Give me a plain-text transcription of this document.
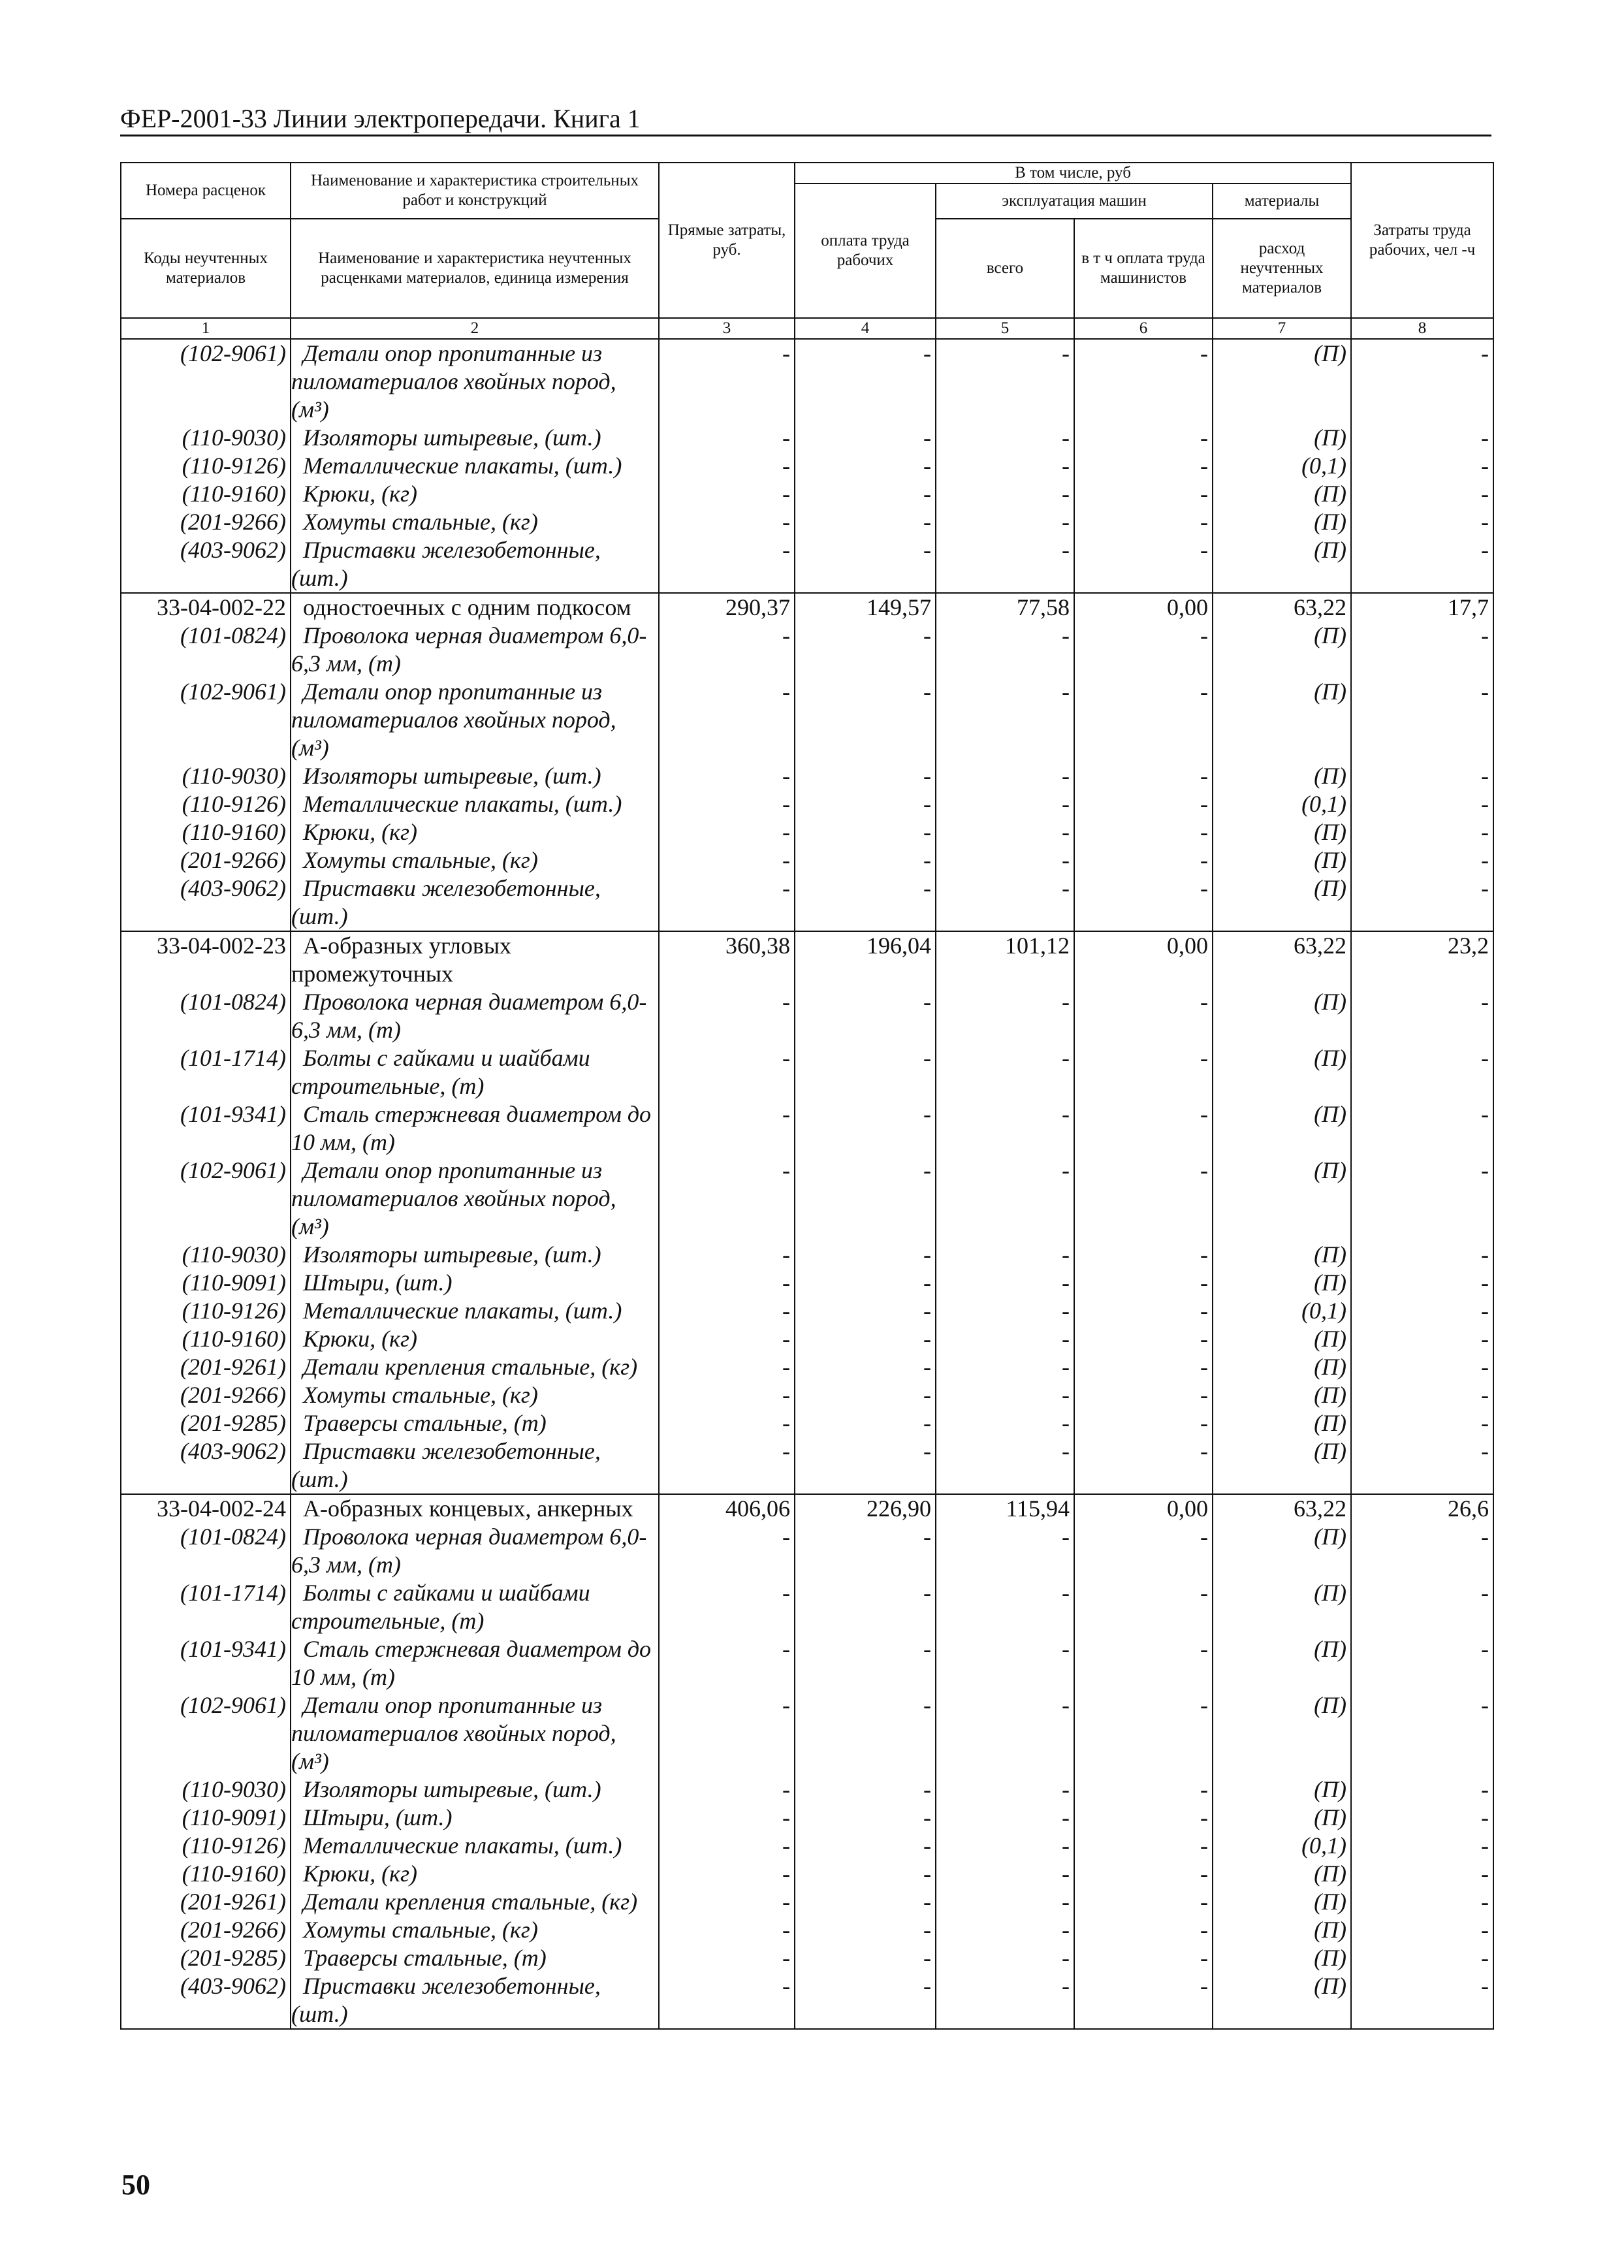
ФЕР-2001-33 Линии электропередачи. Книга 1
Номера расценок	Наименование и характеристика строительных работ и конструкций	Прямые затраты, руб.	В том числе, руб				Затраты труда рабочих, чел -ч
			оплата труда рабочих	эксплуатация машин		материалы	
Коды неучтенных материалов	Наименование и характеристика неучтенных расценками материалов, единица измерения			всего	в т ч оплата труда машинистов	расход неучтенных материалов	

1	2	3	4	5	6	7	8
(102-9061)	Детали опор пропитанные из пиломатериалов хвойных пород, (м³)	-	-	-	-	(П)	-
(110-9030)	Изоляторы штыревые, (шт.)	-	-	-	-	(П)	-
(110-9126)	Металлические плакаты, (шт.)	-	-	-	-	(0,1)	-
(110-9160)	Крюки, (кг)	-	-	-	-	(П)	-
(201-9266)	Хомуты стальные, (кг)	-	-	-	-	(П)	-
(403-9062)	Приставки железобетонные, (шт.)	-	-	-	-	(П)	-
33-04-002-22	одностоечных с одним подкосом	290,37	149,57	77,58	0,00	63,22	17,7
(101-0824)	Проволока черная диаметром 6,0-6,3 мм, (т)	-	-	-	-	(П)	-
(102-9061)	Детали опор пропитанные из пиломатериалов хвойных пород, (м³)	-	-	-	-	(П)	-
(110-9030)	Изоляторы штыревые, (шт.)	-	-	-	-	(П)	-
(110-9126)	Металлические плакаты, (шт.)	-	-	-	-	(0,1)	-
(110-9160)	Крюки, (кг)	-	-	-	-	(П)	-
(201-9266)	Хомуты стальные, (кг)	-	-	-	-	(П)	-
(403-9062)	Приставки железобетонные, (шт.)	-	-	-	-	(П)	-
33-04-002-23	А-образных угловых промежуточных	360,38	196,04	101,12	0,00	63,22	23,2
(101-0824)	Проволока черная диаметром 6,0-6,3 мм, (т)	-	-	-	-	(П)	-
(101-1714)	Болты с гайками и шайбами строительные, (т)	-	-	-	-	(П)	-
(101-9341)	Сталь стержневая диаметром до 10 мм, (т)	-	-	-	-	(П)	-
(102-9061)	Детали опор пропитанные из пиломатериалов хвойных пород, (м³)	-	-	-	-	(П)	-
(110-9030)	Изоляторы штыревые, (шт.)	-	-	-	-	(П)	-
(110-9091)	Штыри, (шт.)	-	-	-	-	(П)	-
(110-9126)	Металлические плакаты, (шт.)	-	-	-	-	(0,1)	-
(110-9160)	Крюки, (кг)	-	-	-	-	(П)	-
(201-9261)	Детали крепления стальные, (кг)	-	-	-	-	(П)	-
(201-9266)	Хомуты стальные, (кг)	-	-	-	-	(П)	-
(201-9285)	Траверсы стальные, (т)	-	-	-	-	(П)	-
(403-9062)	Приставки железобетонные, (шт.)	-	-	-	-	(П)	-
33-04-002-24	А-образных концевых, анкерных	406,06	226,90	115,94	0,00	63,22	26,6
(101-0824)	Проволока черная диаметром 6,0-6,3 мм, (т)	-	-	-	-	(П)	-
(101-1714)	Болты с гайками и шайбами строительные, (т)	-	-	-	-	(П)	-
(101-9341)	Сталь стержневая диаметром до 10 мм, (т)	-	-	-	-	(П)	-
(102-9061)	Детали опор пропитанные из пиломатериалов хвойных пород, (м³)	-	-	-	-	(П)	-
(110-9030)	Изоляторы штыревые, (шт.)	-	-	-	-	(П)	-
(110-9091)	Штыри, (шт.)	-	-	-	-	(П)	-
(110-9126)	Металлические плакаты, (шт.)	-	-	-	-	(0,1)	-
(110-9160)	Крюки, (кг)	-	-	-	-	(П)	-
(201-9261)	Детали крепления стальные, (кг)	-	-	-	-	(П)	-
(201-9266)	Хомуты стальные, (кг)	-	-	-	-	(П)	-
(201-9285)	Траверсы стальные, (т)	-	-	-	-	(П)	-
(403-9062)	Приставки железобетонные, (шт.)	-	-	-	-	(П)	-
50
